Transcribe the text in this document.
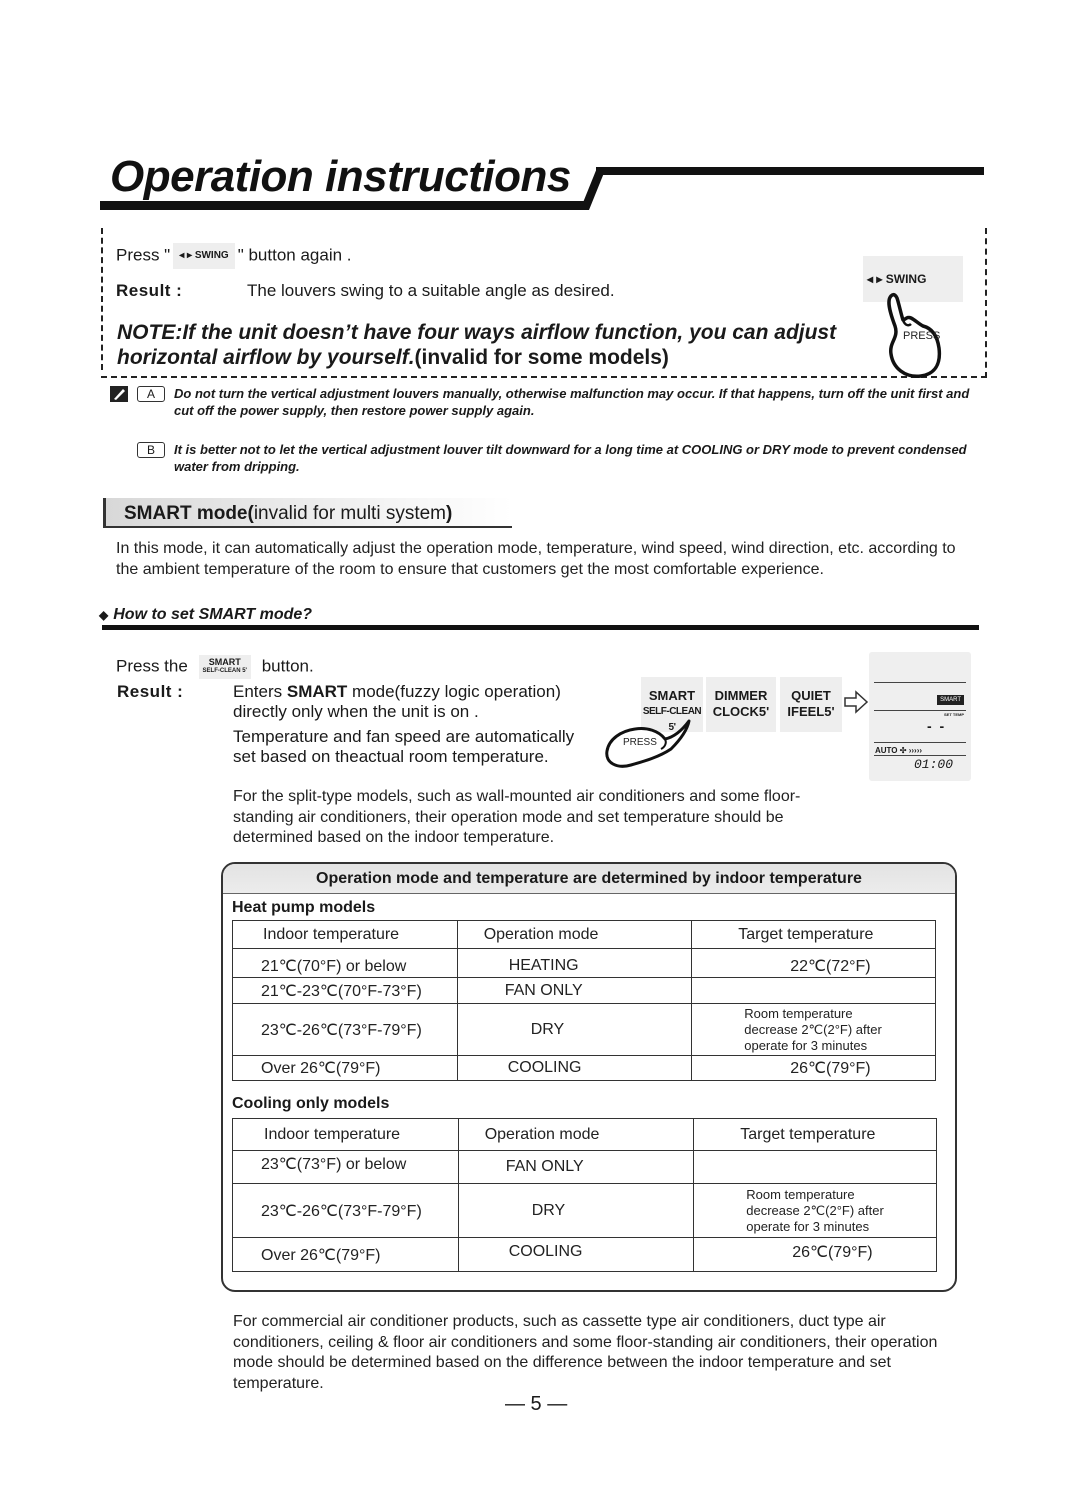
Operation instructions
Press " ◂ ▸ SWING " button again .
Result :	The louvers swing to a suitable angle as desired.
NOTE:If the unit doesn’t have four ways airflow function, you can adjust horizontal airflow by yourself.(invalid for some models)
◂ ▸ SWING
PRESS
A	Do not turn the vertical adjustment louvers manually, otherwise malfunction may occur. If that happens, turn off the unit first and cut off the power supply, then restore power supply again.
B	It is better not to let the vertical adjustment louver tilt downward for a long time at COOLING or DRY mode to prevent condensed water from dripping.
SMART mode(invalid for multi system)
In this mode, it can automatically adjust the operation mode, temperature, wind speed, wind direction, etc. according to the ambient temperature of the room to ensure that customers get the most comfortable experience.
◆ How to set SMART mode?
Press the	SMART
SELF-CLEAN 5' button.
Result :	Enters SMART mode(fuzzy logic operation)
directly only when the unit is on .
Temperature and fan speed are automatically
set based on theactual room temperature.
SMART
SELF-CLEAN 5'
DIMMER
CLOCK5'
QUIET
IFEEL5'
PRESS
SMART
SET TEMP
- -
AUTO ✣ ›››››
01:00
For the split-type models, such as wall-mounted air conditioners and some floor-standing air conditioners, their operation mode and set temperature should be determined based on the indoor temperature.
Operation mode and temperature are determined by indoor temperature
Heat pump models
Indoor temperature	Operation mode	Target temperature
21℃(70°F) or below	HEATING	22℃(72°F)
21℃-23℃(70°F-73°F)	FAN ONLY	
23℃-26℃(73°F-79°F)	DRY	Room temperature decrease 2℃(2°F) after operate for 3 minutes
Over 26℃(79°F)	COOLING	26℃(79°F)
Cooling only models
Indoor temperature	Operation mode	Target temperature
23℃(73°F) or below	FAN ONLY	
23℃-26℃(73°F-79°F)	DRY	Room temperature decrease 2℃(2°F) after operate for 3 minutes
Over 26℃(79°F)	COOLING	26℃(79°F)
For commercial air conditioner products, such as cassette type air conditioners, duct type air conditioners, ceiling & floor air conditioners and some floor-standing air conditioners, their operation mode should be determined based on the difference between the indoor temperature and set temperature.
— 5 —
